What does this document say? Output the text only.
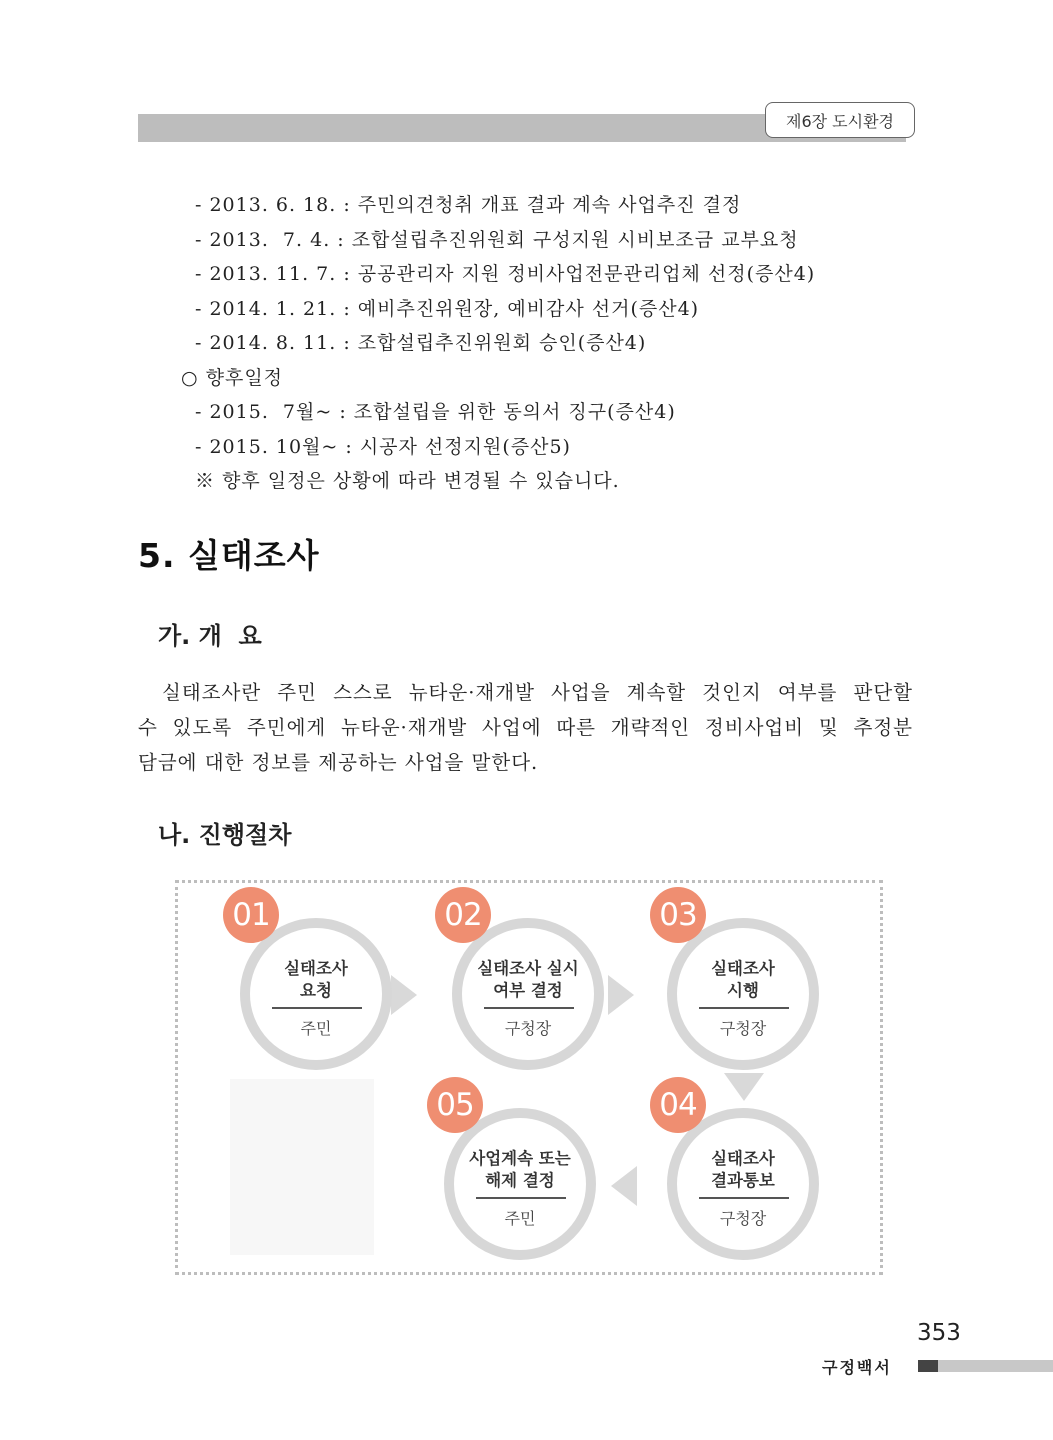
제6장 도시환경
- 2013. 6. 18. : 주민의견청취 개표 결과 계속 사업추진 결정
- 2013.  7. 4. : 조합설립추진위원회 구성지원 시비보조금 교부요청
- 2013. 11. 7. : 공공관리자 지원 정비사업전문관리업체 선정(증산4)
- 2014. 1. 21. : 예비추진위원장, 예비감사 선거(증산4)
- 2014. 8. 11. : 조합설립추진위원회 승인(증산4)
○ 향후일정
- 2015.  7월~ : 조합설립을 위한 동의서 징구(증산4)
- 2015. 10월~ : 시공자 선정지원(증산5)
※ 향후 일정은 상황에 따라 변경될 수 있습니다.
5. 실태조사
가. 개  요
실태조사란 주민 스스로 뉴타운·재개발 사업을 계속할 것인지 여부를 판단할
수 있도록 주민에게 뉴타운·재개발 사업에 따른 개략적인 정비사업비 및 추정분
담금에 대한 정보를 제공하는 사업을 말한다.
나. 진행절차
01
실태조사
요청
주민
02
실태조사 실시
여부 결정
구청장
03
실태조사
시행
구청장
04
실태조사
결과통보
구청장
05
사업계속 또는
해제 결정
주민
353
구정백서
